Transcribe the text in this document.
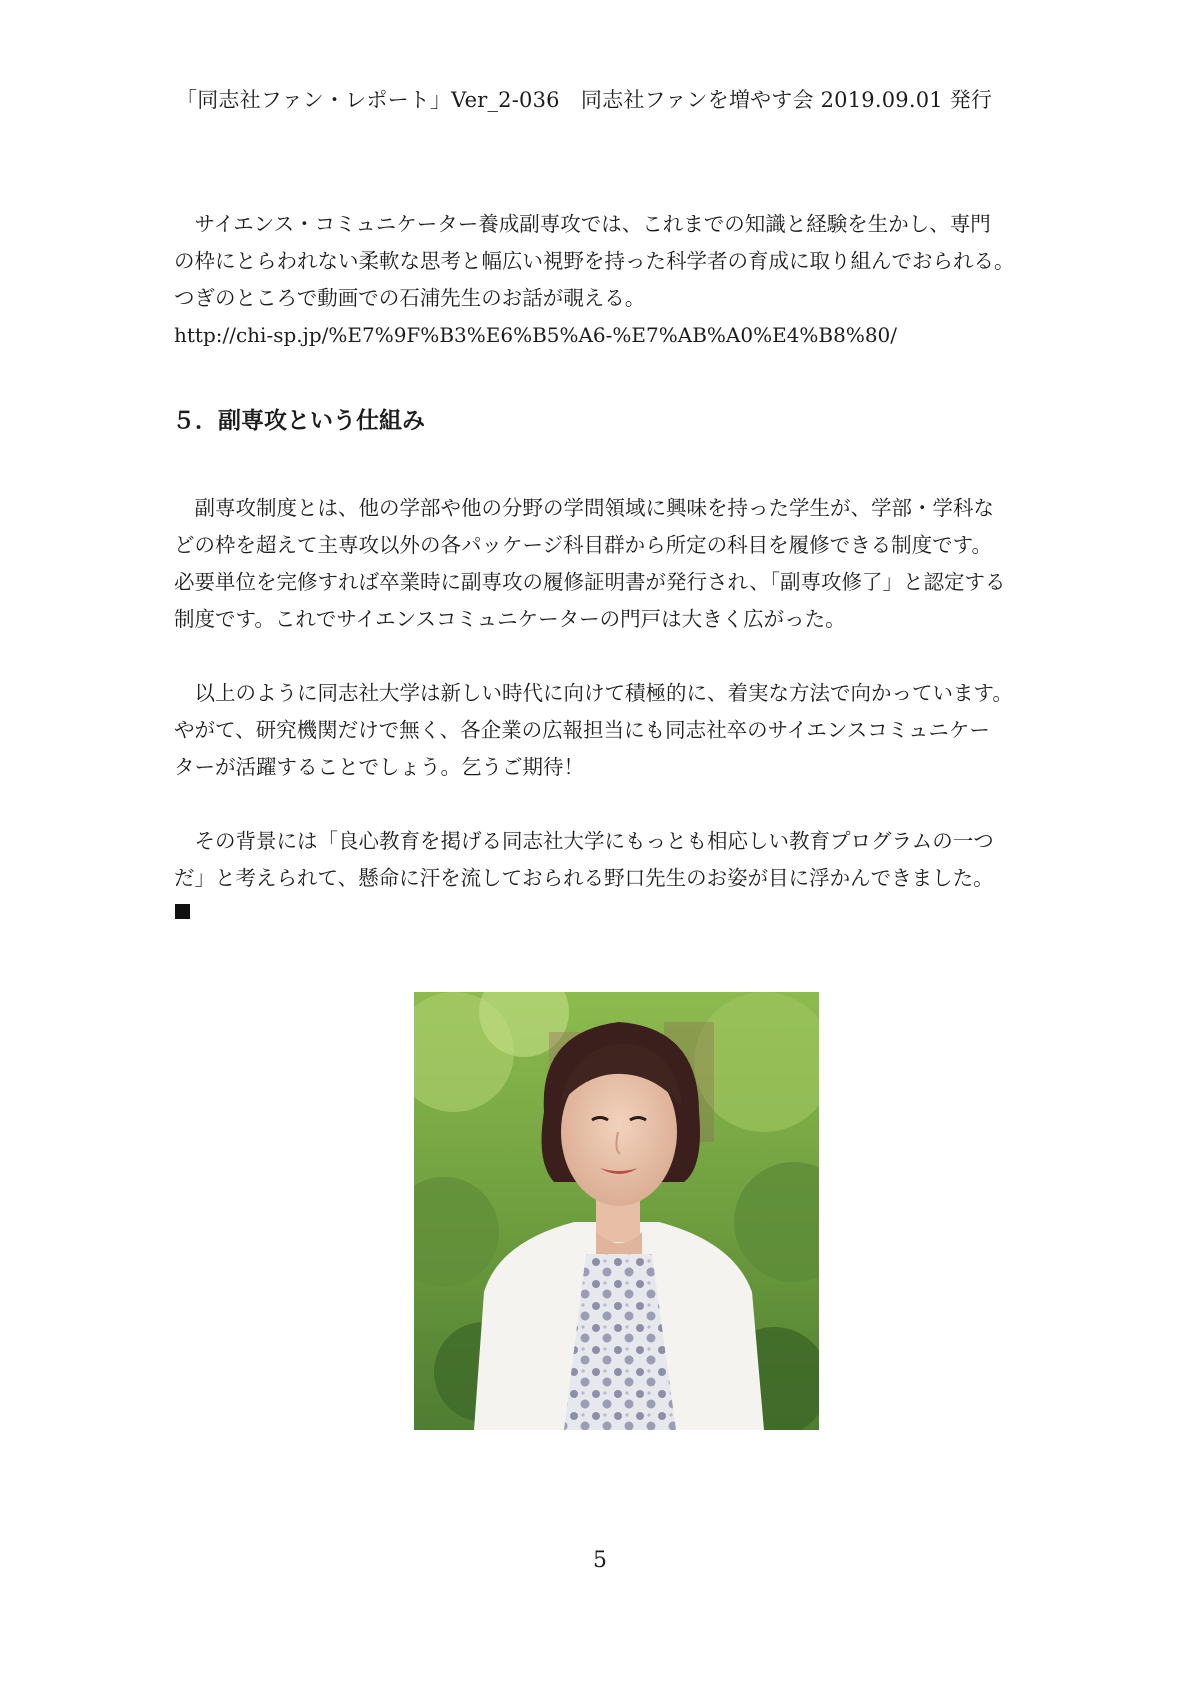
「同志社ファン・レポート」Ver_2-036　同志社ファンを増やす会 2019.09.01 発行
　サイエンス・コミュニケーター養成副専攻では、これまでの知識と経験を生かし、専門
の枠にとらわれない柔軟な思考と幅広い視野を持った科学者の育成に取り組んでおられる。
つぎのところで動画での石浦先生のお話が覗える。
http://chi-sp.jp/%E7%9F%B3%E6%B5%A6-%E7%AB%A0%E4%B8%80/
５．副専攻という仕組み
　副専攻制度とは、他の学部や他の分野の学問領域に興味を持った学生が、学部・学科な
どの枠を超えて主専攻以外の各パッケージ科目群から所定の科目を履修できる制度です。
必要単位を完修すれば卒業時に副専攻の履修証明書が発行され、「副専攻修了」と認定する
制度です。これでサイエンスコミュニケーターの門戸は大きく広がった。
　以上のように同志社大学は新しい時代に向けて積極的に、着実な方法で向かっています。
やがて、研究機関だけで無く、各企業の広報担当にも同志社卒のサイエンスコミュニケー
ターが活躍することでしょう。乞うご期待！
　その背景には「良心教育を掲げる同志社大学にもっとも相応しい教育プログラムの一つ
だ」と考えられて、懸命に汗を流しておられる野口先生のお姿が目に浮かんできました。
5
